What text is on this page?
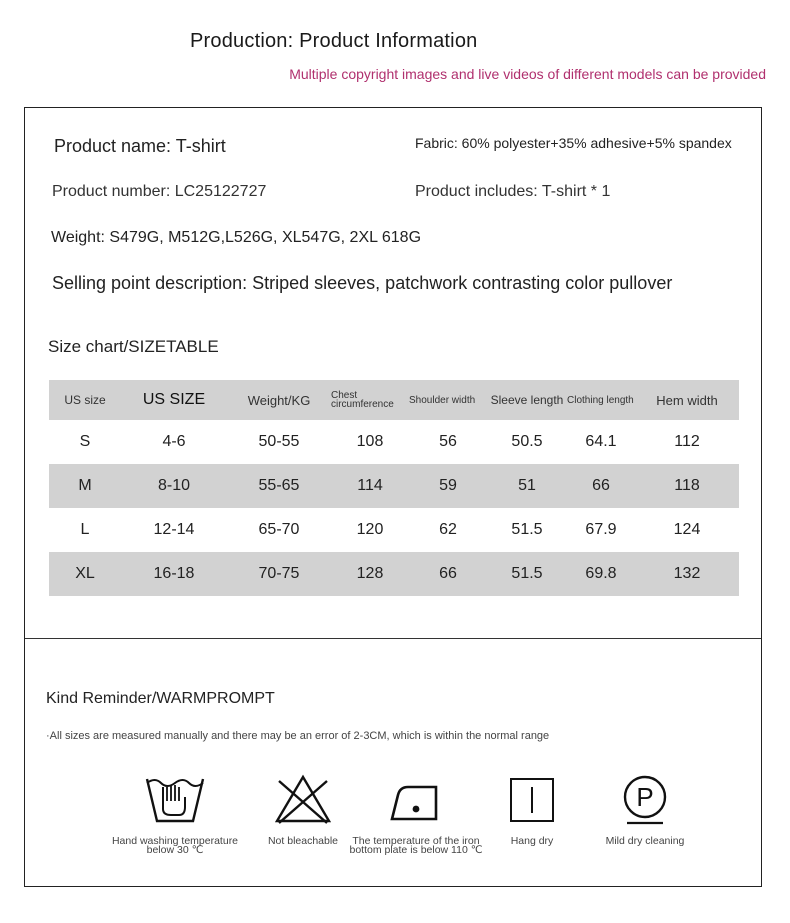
Production: Product Information
Multiple copyright images and live videos of different models can be provided
Product name: T-shirt	Fabric: 60% polyester+35% adhesive+5% spandex
Product number: LC25122727	Product includes: T-shirt * 1
Weight: S479G, M512G,L526G, XL547G, 2XL 618G
Selling point description: Striped sleeves, patchwork contrasting color pullover
Size chart/SIZETABLE
US size	US SIZE	Weight/KG	Chest circumference	Shoulder width	Sleeve length	Clothing length	Hem width
S	4-6	50-55	108	56	50.5	64.1	112
M	8-10	55-65	114	59	51	66	118
L	12-14	65-70	120	62	51.5	67.9	124
XL	16-18	70-75	128	66	51.5	69.8	132
Kind Reminder/WARMPROMPT
·All sizes are measured manually and there may be an error of 2-3CM, which is within the normal range
Hand washing temperature below 30 ℃
Not bleachable	The temperature of the iron bottom plate is below 110 ℃
Hang dry
P
Mild dry cleaning
